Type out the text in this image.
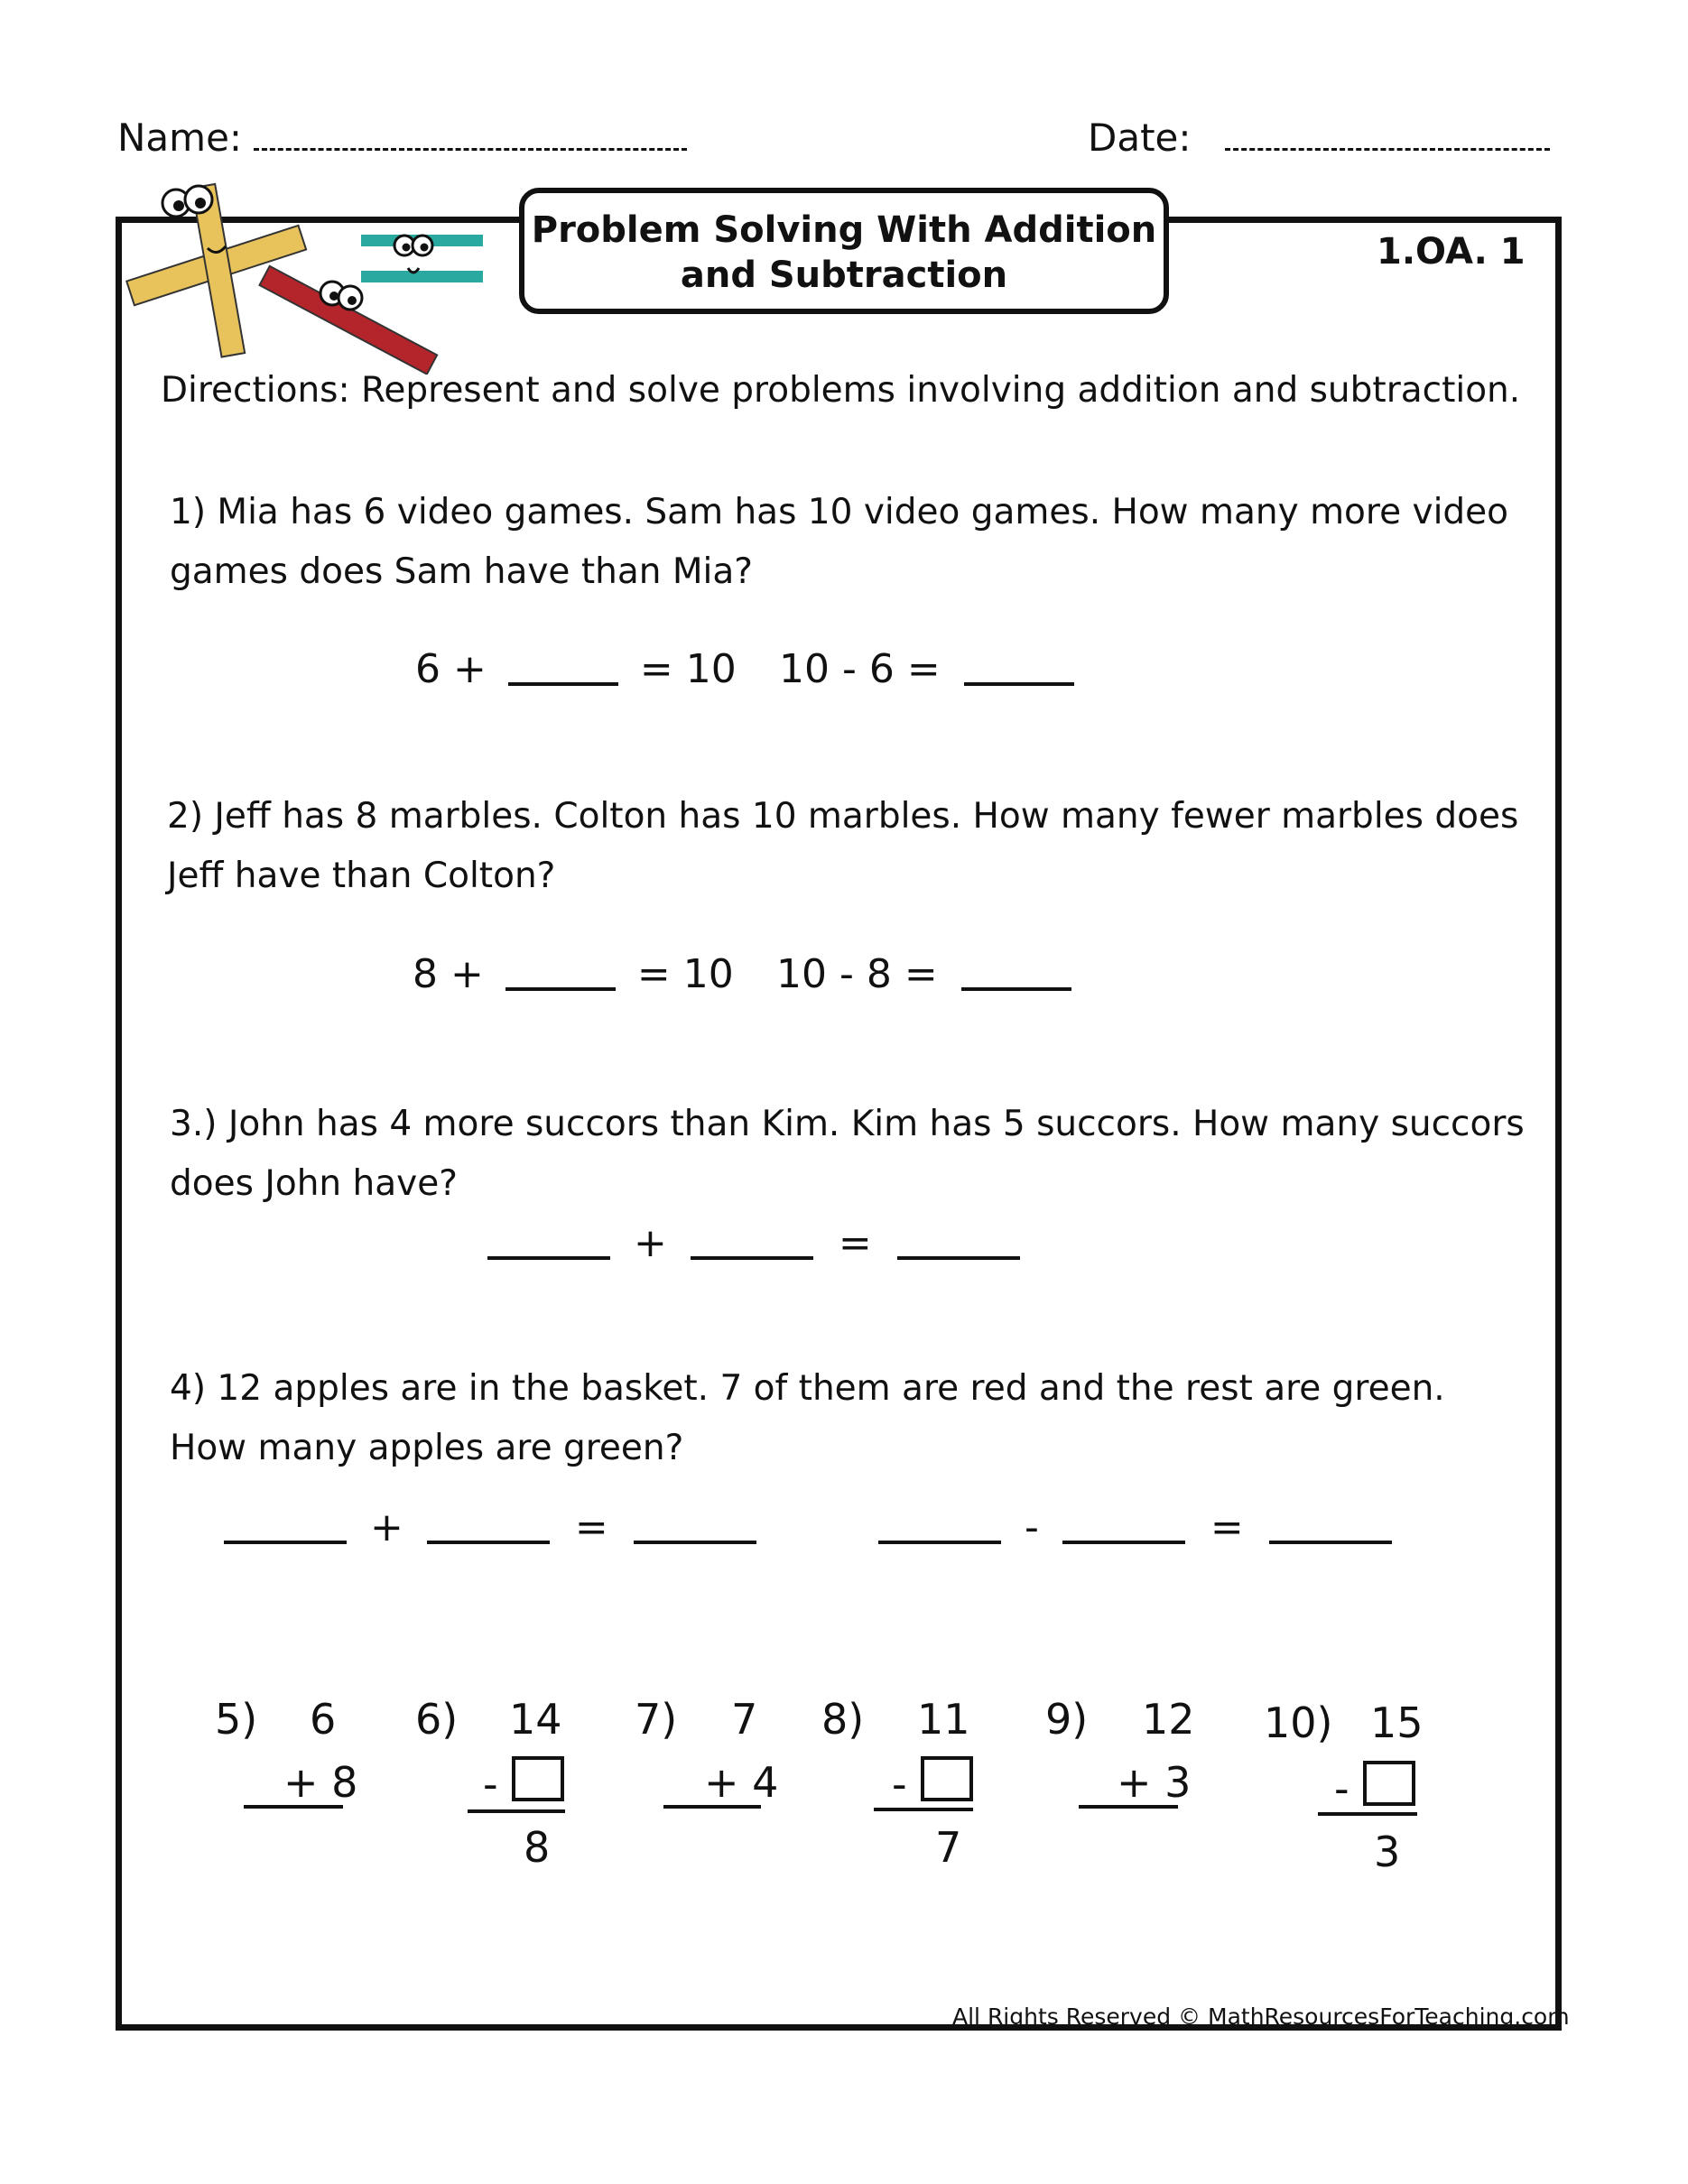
Name:	Date:
Problem Solving With Addition
and Subtraction
1.OA. 1
Directions: Represent and solve problems involving addition and subtraction.
1) Mia has 6 video games. Sam has 10 video games. How many more video
games does Sam have than Mia?
6 +	= 10 10 - 6 =
2) Jeff has 8 marbles. Colton has 10 marbles. How many fewer marbles does
Jeff have than Colton?
8 +	= 10 10 - 8 =
3.) John has 4 more succors than Kim. Kim has 5 succors. How many succors
does John have?
+	=
4) 12 apples are in the basket. 7 of them are red and the rest are green.
How many apples are green?
+	=	-	=
5) 6
+ 8
6) 14
-
8
7) 7
+ 4
8) 11
-
7
9) 12
+ 3
10) 15
-
3
All Rights Reserved © MathResourcesForTeaching.com
